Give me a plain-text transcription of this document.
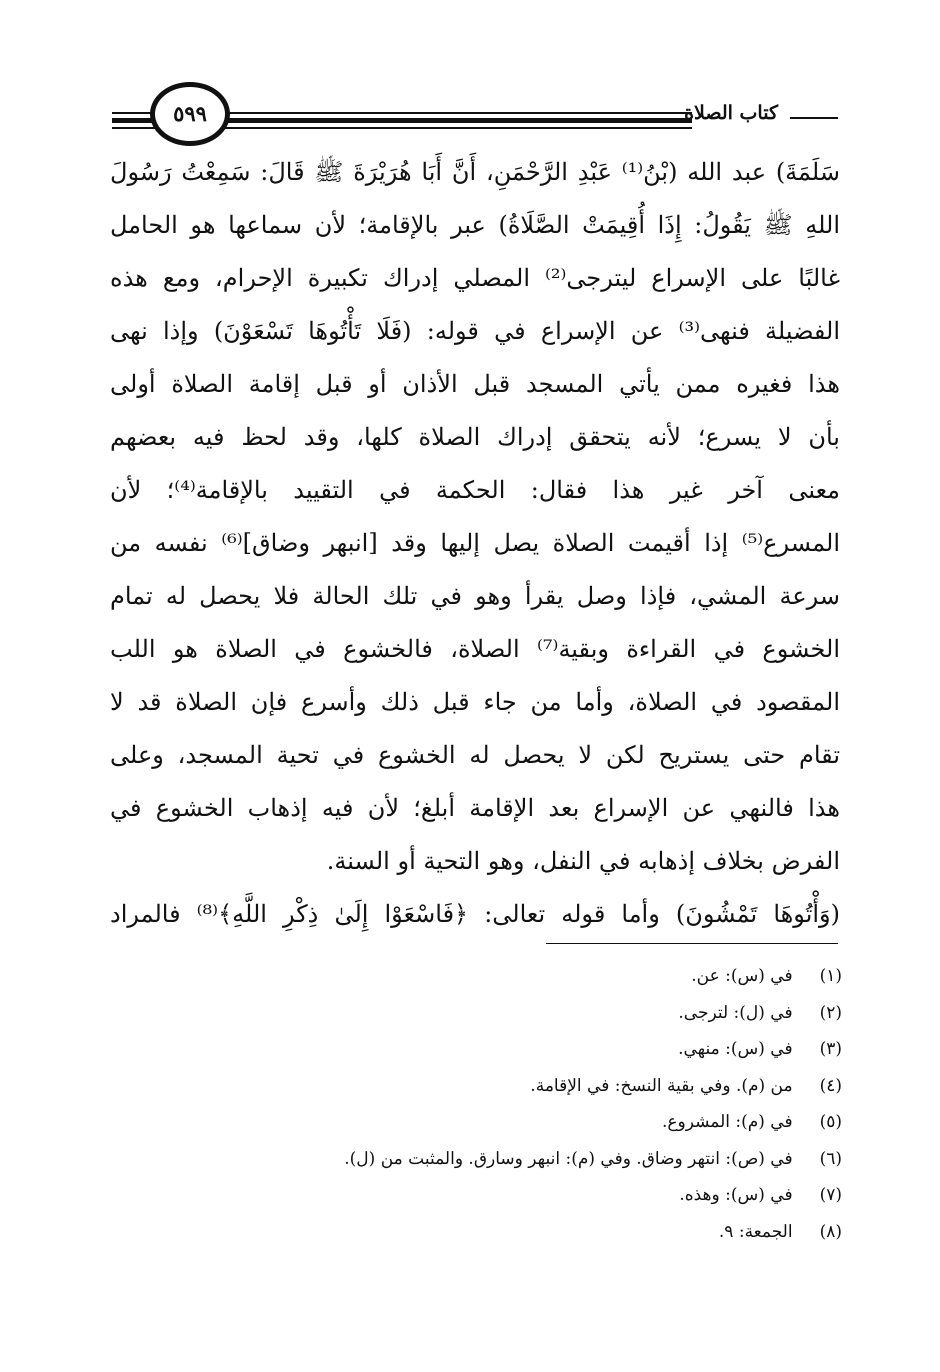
كتاب الصلاة
٥٩٩
سَلَمَةَ) عبد الله (بْنُ⁽¹⁾ عَبْدِ الرَّحْمَنِ، أَنَّ أَبَا هُرَيْرَةَ ﷺ قَالَ: سَمِعْتُ رَسُولَ
اللهِ ﷺ يَقُولُ: إِذَا أُقِيمَتْ الصَّلَاةُ) عبر بالإقامة؛ لأن سماعها هو الحامل
غالبًا على الإسراع ليترجى⁽²⁾ المصلي إدراك تكبيرة الإحرام، ومع هذه
الفضيلة فنهى⁽³⁾ عن الإسراع في قوله: (فَلَا تَأْتُوهَا تَسْعَوْنَ) وإذا نهى
هذا فغيره ممن يأتي المسجد قبل الأذان أو قبل إقامة الصلاة أولى
بأن لا يسرع؛ لأنه يتحقق إدراك الصلاة كلها، وقد لحظ فيه بعضهم
معنى آخر غير هذا فقال: الحكمة في التقييد بالإقامة⁽⁴⁾؛ لأن
المسرع⁽⁵⁾ إذا أقيمت الصلاة يصل إليها وقد [انبهر وضاق]⁽⁶⁾ نفسه من
سرعة المشي، فإذا وصل يقرأ وهو في تلك الحالة فلا يحصل له تمام
الخشوع في القراءة وبقية⁽⁷⁾ الصلاة، فالخشوع في الصلاة هو اللب
المقصود في الصلاة، وأما من جاء قبل ذلك وأسرع فإن الصلاة قد لا
تقام حتى يستريح لكن لا يحصل له الخشوع في تحية المسجد، وعلى
هذا فالنهي عن الإسراع بعد الإقامة أبلغ؛ لأن فيه إذهاب الخشوع في
الفرض بخلاف إذهابه في النفل، وهو التحية أو السنة.
(وَأْتُوهَا تَمْشُونَ) وأما قوله تعالى: ﴿فَاسْعَوْا إِلَىٰ ذِكْرِ اللَّهِ﴾⁽⁸⁾ فالمراد
(١) في (س): عن.
(٢) في (ل): لترجى.
(٣) في (س): منهي.
(٤) من (م). وفي بقية النسخ: في الإقامة.
(٥) في (م): المشروع.
(٦) في (ص): انتهر وضاق. وفي (م): انبهر وسارق. والمثبت من (ل).
(٧) في (س): وهذه.
(٨) الجمعة: ٩.
